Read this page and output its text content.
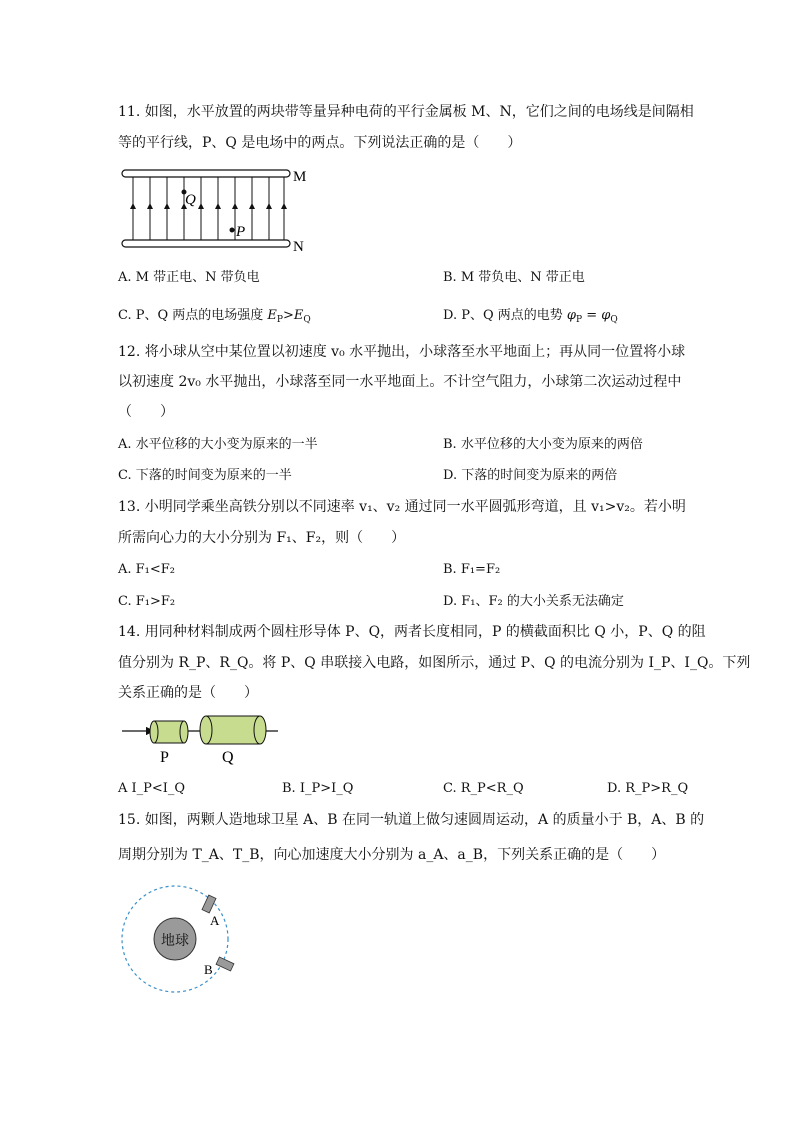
11. 如图，水平放置的两块带等量异种电荷的平行金属板 M、N，它们之间的电场线是间隔相
等的平行线，P、Q 是电场中的两点。下列说法正确的是（　　）
Q
P
M
N
A. M 带正电、N 带负电	B. M 带负电、N 带正电
C. P、Q 两点的电场强度 $E_P>E_Q$	D. P、Q 两点的电势 $\varphi_P = \varphi_Q$
12. 将小球从空中某位置以初速度 v₀ 水平抛出，小球落至水平地面上；再从同一位置将小球
以初速度 2v₀ 水平抛出，小球落至同一水平地面上。不计空气阻力，小球第二次运动过程中
（　　）
A. 水平位移的大小变为原来的一半	B. 水平位移的大小变为原来的两倍
C. 下落的时间变为原来的一半	D. 下落的时间变为原来的两倍
13. 小明同学乘坐高铁分别以不同速率 v₁、v₂ 通过同一水平圆弧形弯道，且 v₁>v₂。若小明
所需向心力的大小分别为 F₁、F₂，则（　　）
A. F₁<F₂	B. F₁=F₂
C. F₁>F₂	D. F₁、F₂ 的大小关系无法确定
14. 用同种材料制成两个圆柱形导体 P、Q，两者长度相同，P 的横截面积比 Q 小，P、Q 的阻
值分别为 R_P、R_Q。将 P、Q 串联接入电路，如图所示，通过 P、Q 的电流分别为 I_P、I_Q。下列
关系正确的是（　　）
P	Q
A I_P<I_Q	B. I_P>I_Q	C. R_P<R_Q	D. R_P>R_Q
15. 如图，两颗人造地球卫星 A、B 在同一轨道上做匀速圆周运动，A 的质量小于 B，A、B 的
周期分别为 T_A、T_B，向心加速度大小分别为 a_A、a_B，下列关系正确的是（　　）
地球
A
B
